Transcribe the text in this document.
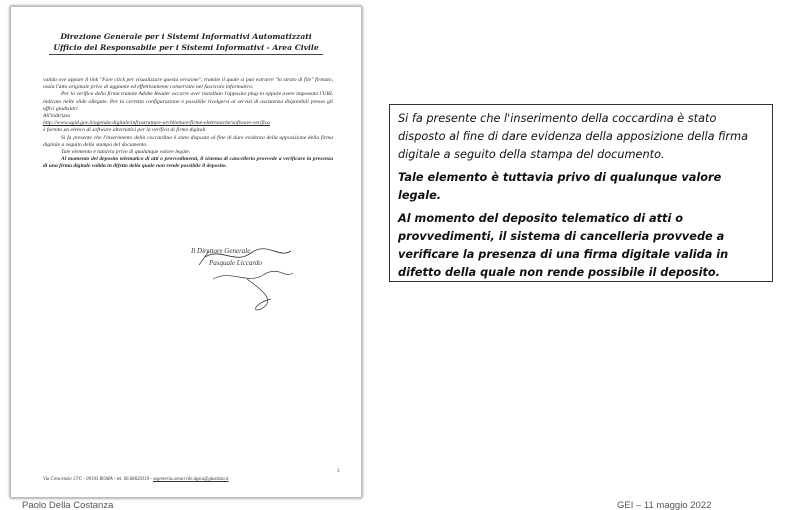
Direzione Generale per i Sistemi Informativi Automatizzati
Ufficio del Responsabile per i Sistemi Informativi - Area Civile

valido ove appare il link "Fare click per visualizzare questa versione", tramite il quale si può estrarre "lo strato di file" firmato, ossia l'atto originale privo di aggiunte ed effettivamente conservato nel fascicolo informatico.

Per la verifica della firma tramite Adobe Reader occorre aver installato l'apposito plug-in oppure avere impostato l'URL indicato nelle slide allegate. Per la corretta configurazione è possibile rivolgersi ai servizi di assistenza disponibili presso gli uffici giudiziari

All'indirizzo

http://www.agid.gov.it/agenda-digitale/infrastrutture-architetture/firme-elettroniche/software-verifica

è fornito un elenco di software alternativi per la verifica di firme digitali

Si fa presente che l'inserimento della coccardina è stato disposto al fine di dare evidenza della apposizione della firma digitale a seguito della stampa del documento.

Tale elemento è tuttavia privo di qualunque valore legale.

Al momento del deposito telematico di atti o provvedimenti, il sistema di cancelleria provvede a verificare la presenza di una firma digitale valida in difetto della quale non rende possibile il deposito.

Il Direttore Generale
Pasquale Liccardo
Via Crescenzio 17/C - 00193 ROMA - tel. 06.68620319 - segreteria.areacivile.dgsia@giustizia.it
3

Si fa presente che l'inserimento della coccardina è stato disposto al fine di dare evidenza della apposizione della firma digitale a seguito della stampa del documento.

Tale elemento è tuttavia privo di qualunque valore legale.

Al momento del deposito telematico di atti o provvedimenti, il sistema di cancelleria provvede a verificare la presenza di una firma digitale valida in difetto della quale non rende possibile il deposito.

Paolo Della Costanza	GEI – 11 maggio 2022
